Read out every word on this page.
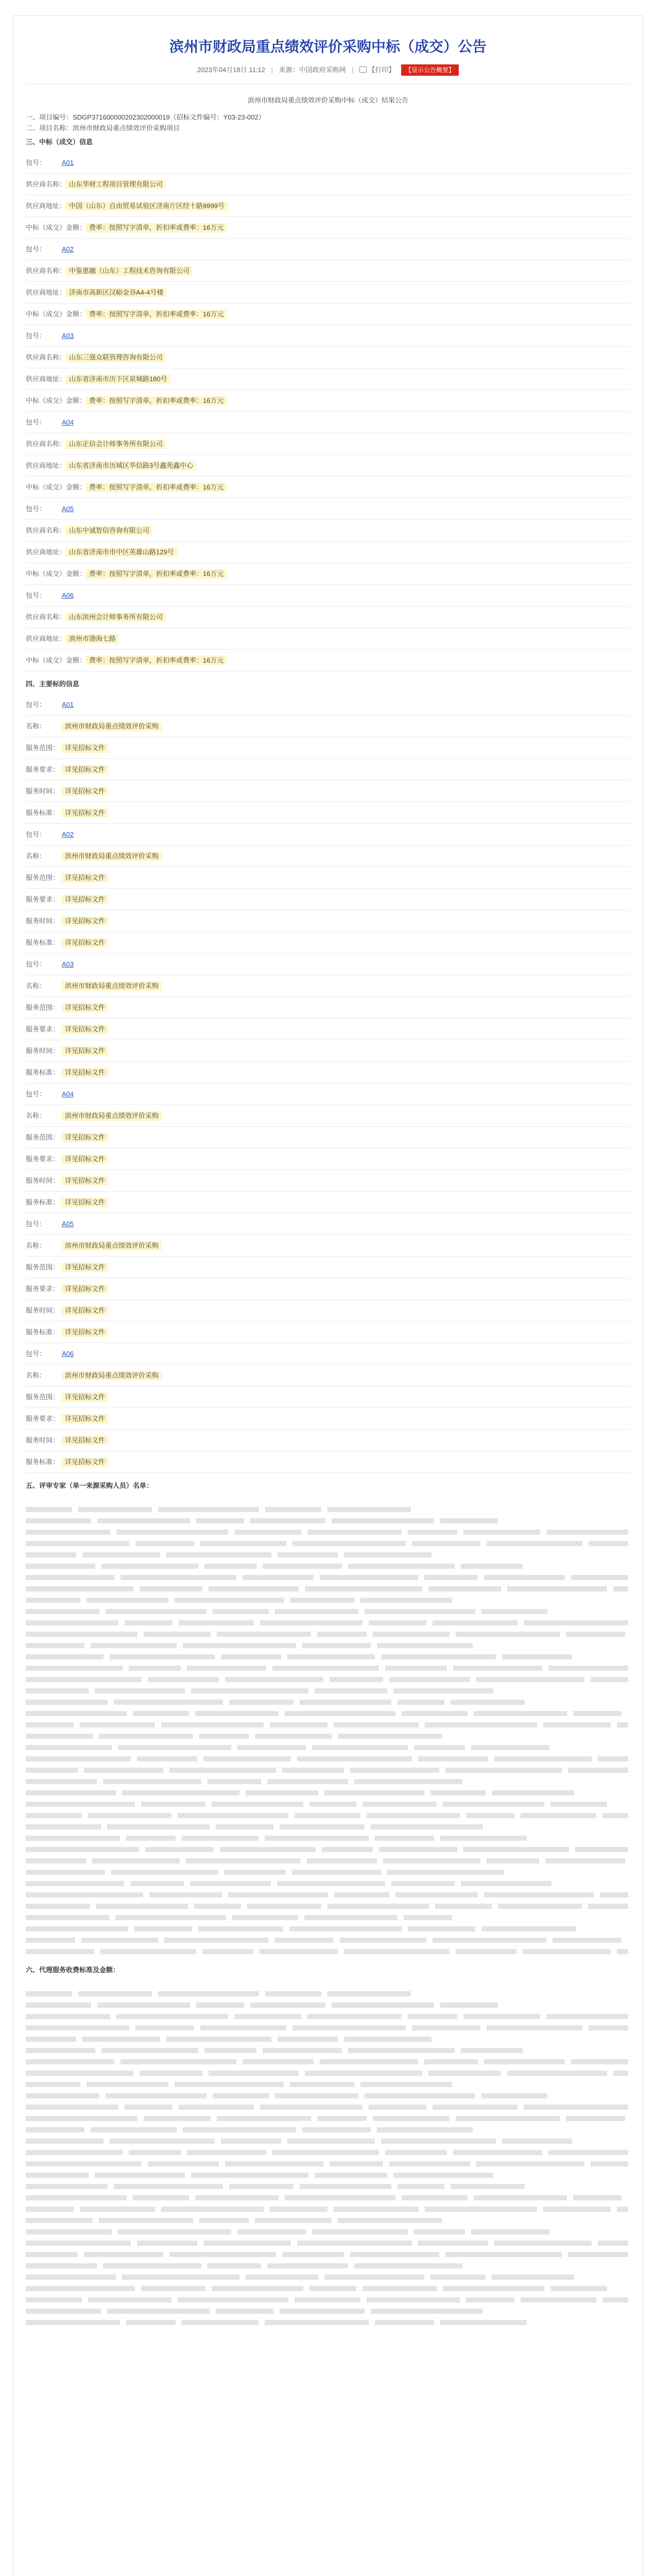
滨州市财政局重点绩效评价采购中标（成交）公告
2023年04月18日 11:12 | 来源：中国政府采购网 | 【打印】 【显示公告概要】
滨州市财政局重点绩效评价采购中标（成交）结果公告
一、项目编号：SDGP371600000202302000019（招标文件编号：Y03-23-002）
二、项目名称：滨州市财政局重点绩效评价采购项目
三、中标（成交）信息
包号： A01
供应商名称： 山东华财工程项目管理有限公司
供应商地址： 中国（山东）自由贸易试验区济南片区经十路9999号
中标（成交）金额： 费率：按照写字清单，折扣率或费率：16万元
包号： A02
供应商名称： 中鉴惠融（山东）工程技术咨询有限公司
供应商地址： 济南市高新区汉峪金谷A4-4号楼
中标（成交）金额： 费率：按照写字清单，折扣率或费率：16万元
包号： A03
供应商名称： 山东三强众联管理咨询有限公司
供应商地址： 山东省济南市历下区泉城路180号
中标（成交）金额： 费率：按照写字清单，折扣率或费率：16万元
包号： A04
供应商名称： 山东正信会计师事务所有限公司
供应商地址： 山东省济南市历城区华信路3号鑫苑鑫中心
中标（成交）金额： 费率：按照写字清单，折扣率或费率：16万元
包号： A05
供应商名称： 山东中诚智信咨询有限公司
供应商地址： 山东省济南市市中区英雄山路129号
中标（成交）金额： 费率：按照写字清单，折扣率或费率：16万元
包号： A06
供应商名称： 山东滨州会计师事务所有限公司
供应商地址： 滨州市渤海七路
中标（成交）金额： 费率：按照写字清单，折扣率或费率：16万元
四、主要标的信息
包号： A01
名称：	滨州市财政局重点绩效评价采购
服务范围： 详见招标文件
服务要求： 详见招标文件
服务时间： 详见招标文件
服务标准： 详见招标文件
包号： A02
名称：	滨州市财政局重点绩效评价采购
服务范围： 详见招标文件
服务要求： 详见招标文件
服务时间： 详见招标文件
服务标准： 详见招标文件
包号： A03
名称：	滨州市财政局重点绩效评价采购
服务范围： 详见招标文件
服务要求： 详见招标文件
服务时间： 详见招标文件
服务标准： 详见招标文件
包号： A04
名称：	滨州市财政局重点绩效评价采购
服务范围： 详见招标文件
服务要求： 详见招标文件
服务时间： 详见招标文件
服务标准： 详见招标文件
包号： A05
名称：	滨州市财政局重点绩效评价采购
服务范围： 详见招标文件
服务要求： 详见招标文件
服务时间： 详见招标文件
服务标准： 详见招标文件
包号： A06
名称：	滨州市财政局重点绩效评价采购
服务范围： 详见招标文件
服务要求： 详见招标文件
服务时间： 详见招标文件
服务标准： 详见招标文件
五、评审专家（单一来源采购人员）名单：
六、代理服务收费标准及金额：
